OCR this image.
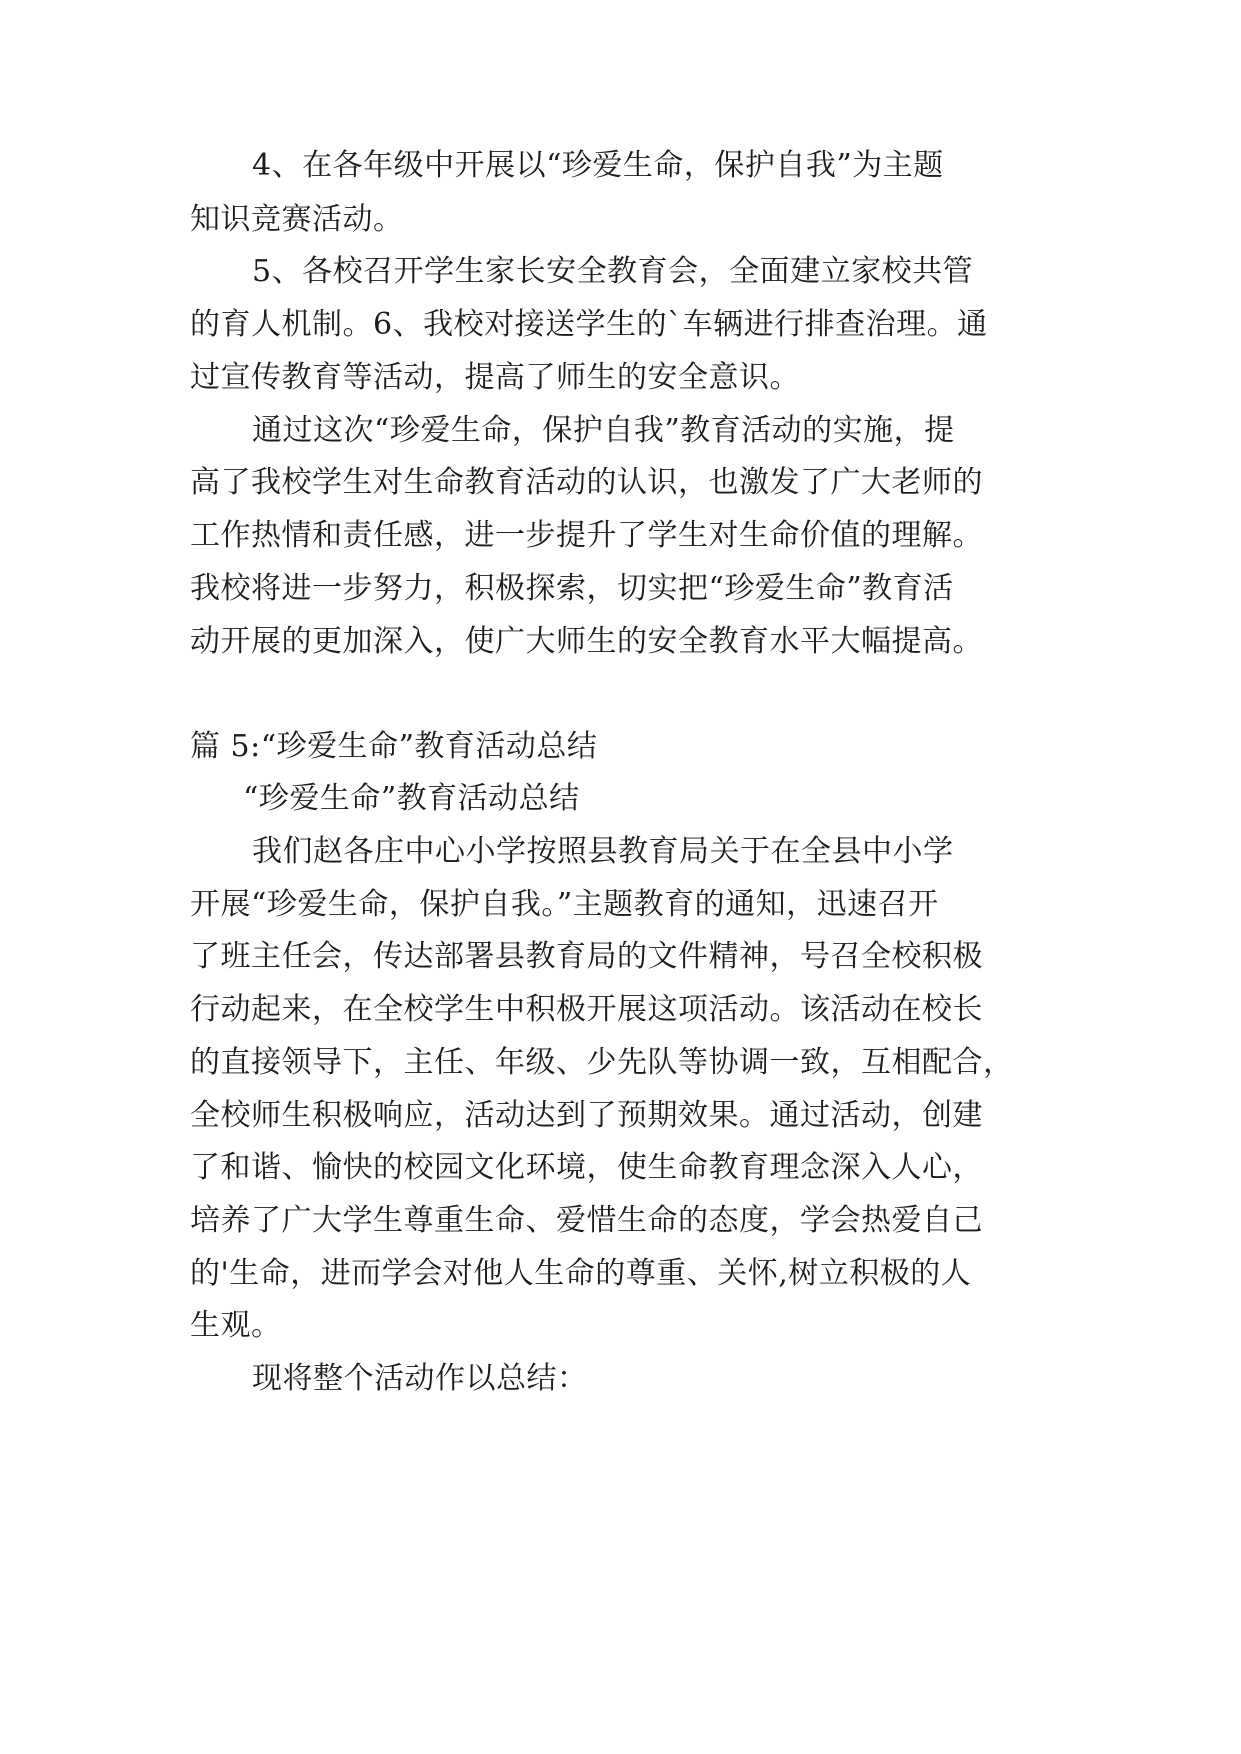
4、在各年级中开展以“珍爱生命，保护自我”为主题
知识竞赛活动。
5、各校召开学生家长安全教育会，全面建立家校共管
的育人机制。6、我校对接送学生的`车辆进行排查治理。通
过宣传教育等活动，提高了师生的安全意识。
通过这次“珍爱生命，保护自我”教育活动的实施，提
高了我校学生对生命教育活动的认识，也激发了广大老师的
工作热情和责任感，进一步提升了学生对生命价值的理解。
我校将进一步努力，积极探索，切实把“珍爱生命”教育活
动开展的更加深入，使广大师生的安全教育水平大幅提高。
篇 5:“珍爱生命”教育活动总结
“珍爱生命”教育活动总结
我们赵各庄中心小学按照县教育局关于在全县中小学
开展“珍爱生命，保护自我。”主题教育的通知，迅速召开
了班主任会，传达部署县教育局的文件精神，号召全校积极
行动起来，在全校学生中积极开展这项活动。该活动在校长
的直接领导下，主任、年级、少先队等协调一致，互相配合，
全校师生积极响应，活动达到了预期效果。通过活动，创建
了和谐、愉快的校园文化环境，使生命教育理念深入人心，
培养了广大学生尊重生命、爱惜生命的态度，学会热爱自己
的'生命，进而学会对他人生命的尊重、关怀,树立积极的人
生观。
现将整个活动作以总结：
